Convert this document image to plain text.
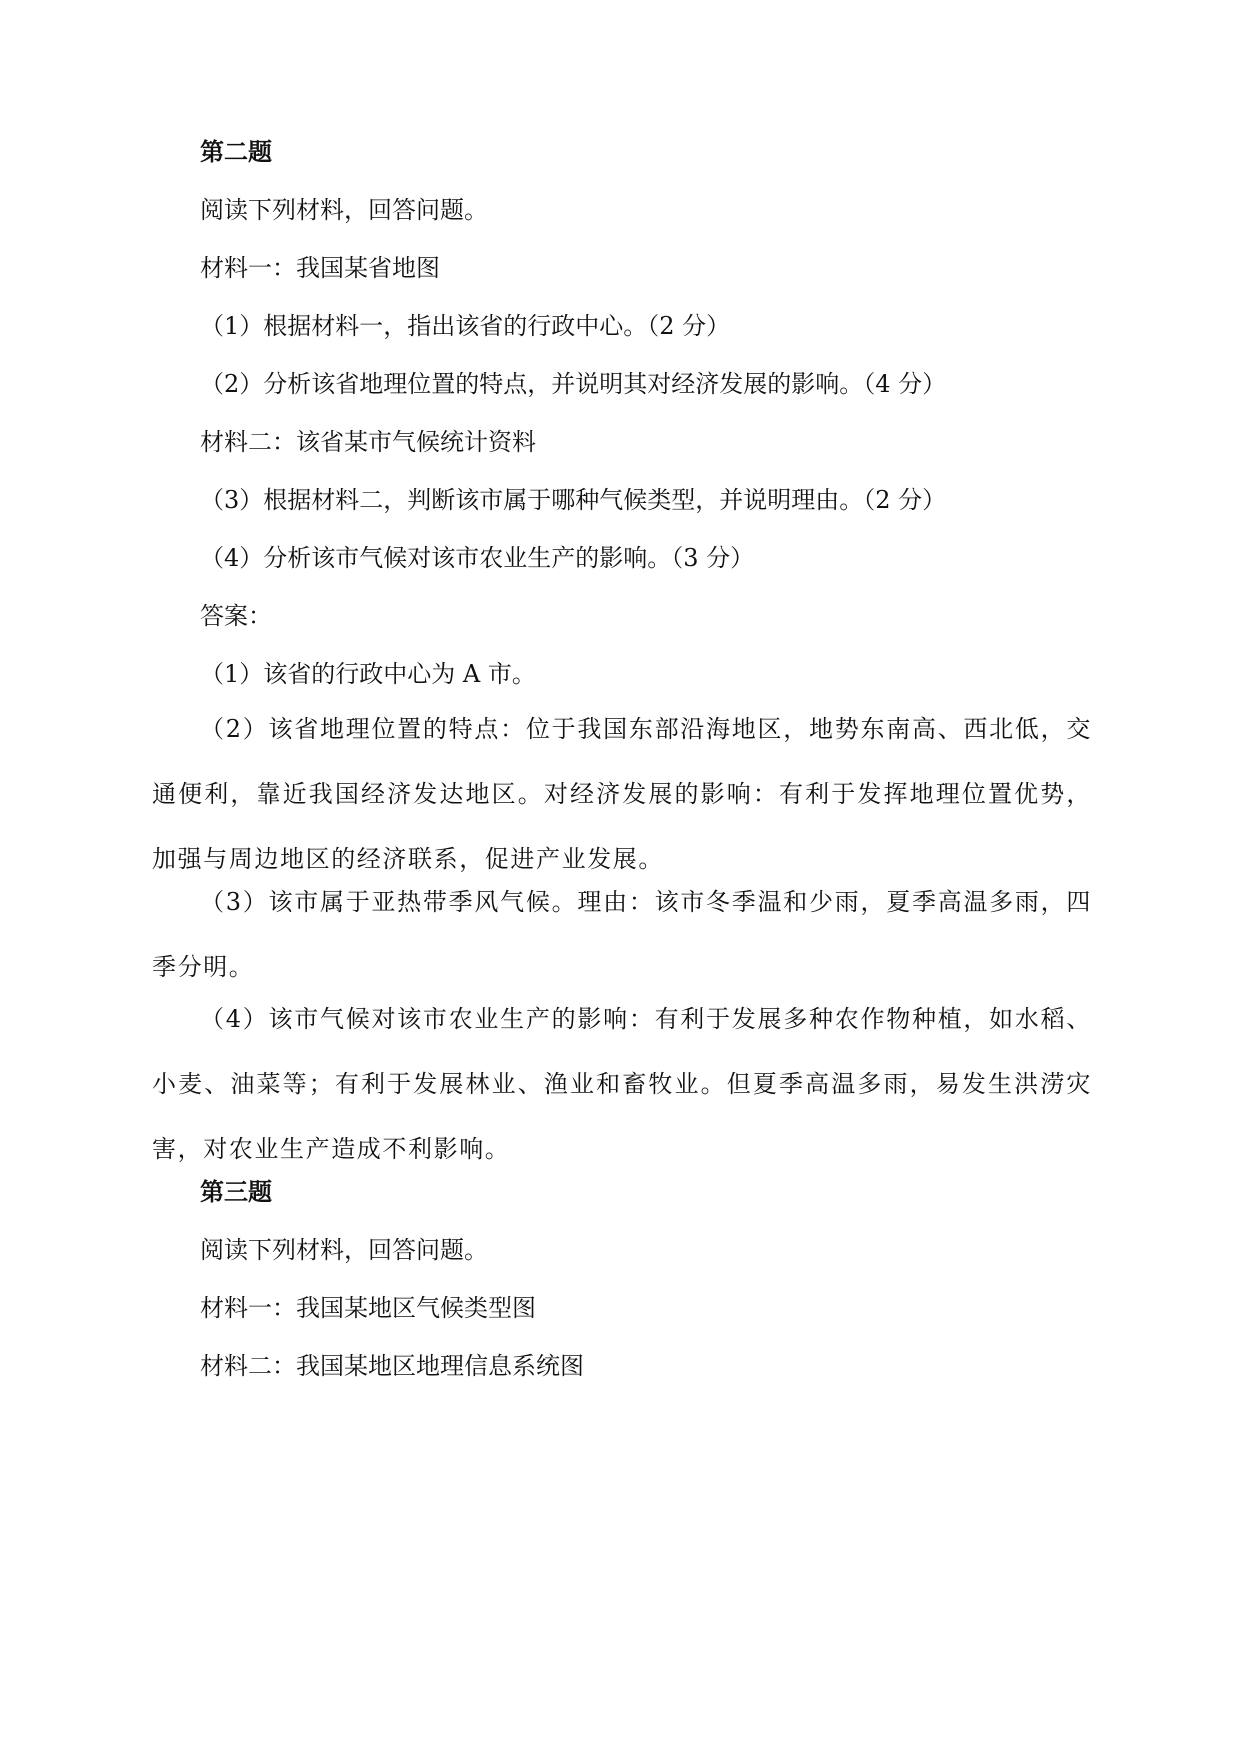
第二题

阅读下列材料，回答问题。

材料一：我国某省地图

（1）根据材料一，指出该省的行政中心。（2 分）

（2）分析该省地理位置的特点，并说明其对经济发展的影响。（4 分）

材料二：该省某市气候统计资料

（3）根据材料二，判断该市属于哪种气候类型，并说明理由。（2 分）

（4）分析该市气候对该市农业生产的影响。（3 分）

答案：

（1）该省的行政中心为 A 市。

（2）该省地理位置的特点：位于我国东部沿海地区，地势东南高、西北低，交通便利，靠近我国经济发达地区。对经济发展的影响：有利于发挥地理位置优势，加强与周边地区的经济联系，促进产业发展。

（3）该市属于亚热带季风气候。理由：该市冬季温和少雨，夏季高温多雨，四季分明。

（4）该市气候对该市农业生产的影响：有利于发展多种农作物种植，如水稻、小麦、油菜等；有利于发展林业、渔业和畜牧业。但夏季高温多雨，易发生洪涝灾害，对农业生产造成不利影响。

第三题

阅读下列材料，回答问题。

材料一：我国某地区气候类型图

材料二：我国某地区地理信息系统图
